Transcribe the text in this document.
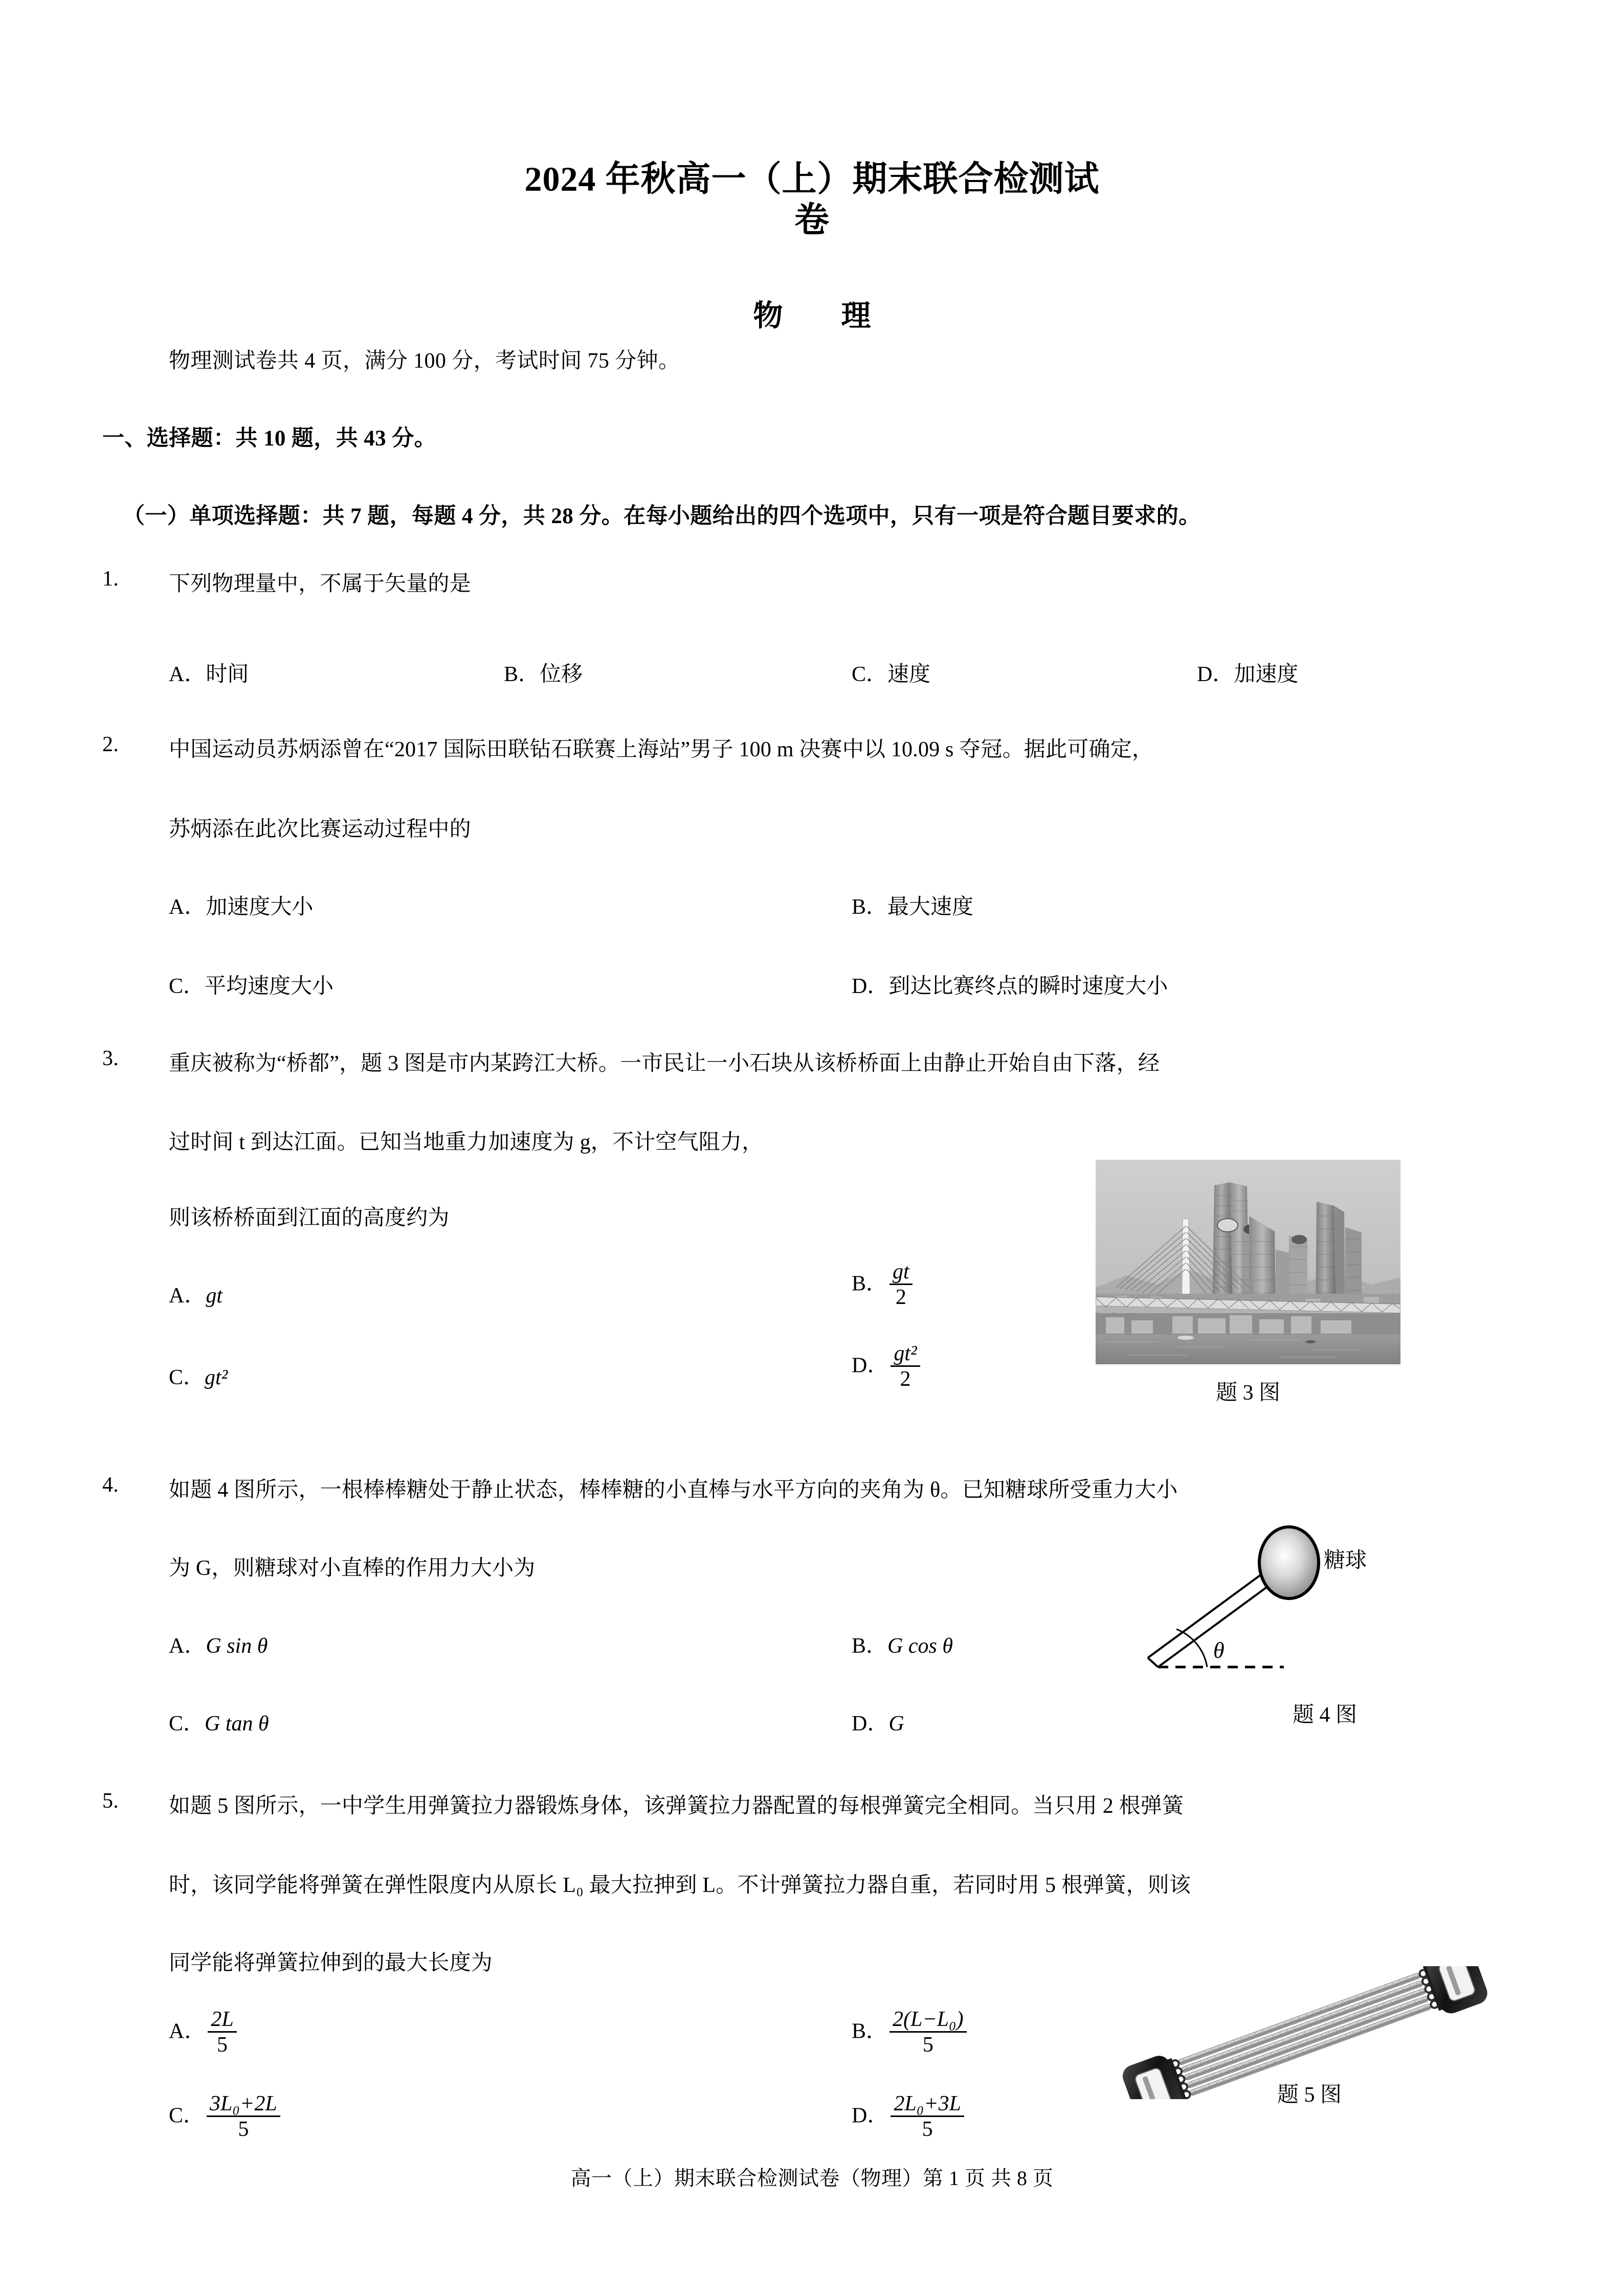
2024 年秋高一（上）期末联合检测试
卷
物　理
物理测试卷共 4 页，满分 100 分，考试时间 75 分钟。
一、选择题：共 10 题，共 43 分。
（一）单项选择题：共 7 题，每题 4 分，共 28 分。在每小题给出的四个选项中，只有一项是符合题目要求的。
1. 下列物理量中，不属于矢量的是
A．时间	B．位移	C．速度	D．加速度
2. 中国运动员苏炳添曾在“2017 国际田联钻石联赛上海站”男子 100 m 决赛中以 10.09 s 夺冠。据此可确定，
苏炳添在此次比赛运动过程中的
A．加速度大小	B．最大速度
C．平均速度大小	D．到达比赛终点的瞬时速度大小
3. 重庆被称为“桥都”，题 3 图是市内某跨江大桥。一市民让一小石块从该桥桥面上由静止开始自由下落，经
过时间 t 到达江面。已知当地重力加速度为 g，不计空气阻力，
则该桥桥面到江面的高度约为
A．gt
B． $\frac{gt}{2}$
C．gt²
D． $\frac{\text{gt²}}{2}$
题 3 图
4. 如题 4 图所示，一根棒棒糖处于静止状态，棒棒糖的小直棒与水平方向的夹角为 θ。已知糖球所受重力大小
为 G，则糖球对小直棒的作用力大小为
A．G sin θ	B．G cos θ
C．G tan θ	D．G
θ
糖球
题 4 图
5. 如题 5 图所示，一中学生用弹簧拉力器锻炼身体，该弹簧拉力器配置的每根弹簧完全相同。当只用 2 根弹簧
时，该同学能将弹簧在弹性限度内从原长 L₀ 最大拉抻到 L。不计弹簧拉力器自重，若同时用 5 根弹簧，则该
同学能将弹簧拉伸到的最大长度为
A． $\frac{2L}{5}$	B． $\frac{\text{2(L−L₀)}}{5}$
C． $\frac{\text{3L₀+2L}}{5}$	D． $\frac{\text{2L₀+3L}}{5}$	题 5 图
高一（上）期末联合检测试卷（物理）第 1 页 共 8 页
